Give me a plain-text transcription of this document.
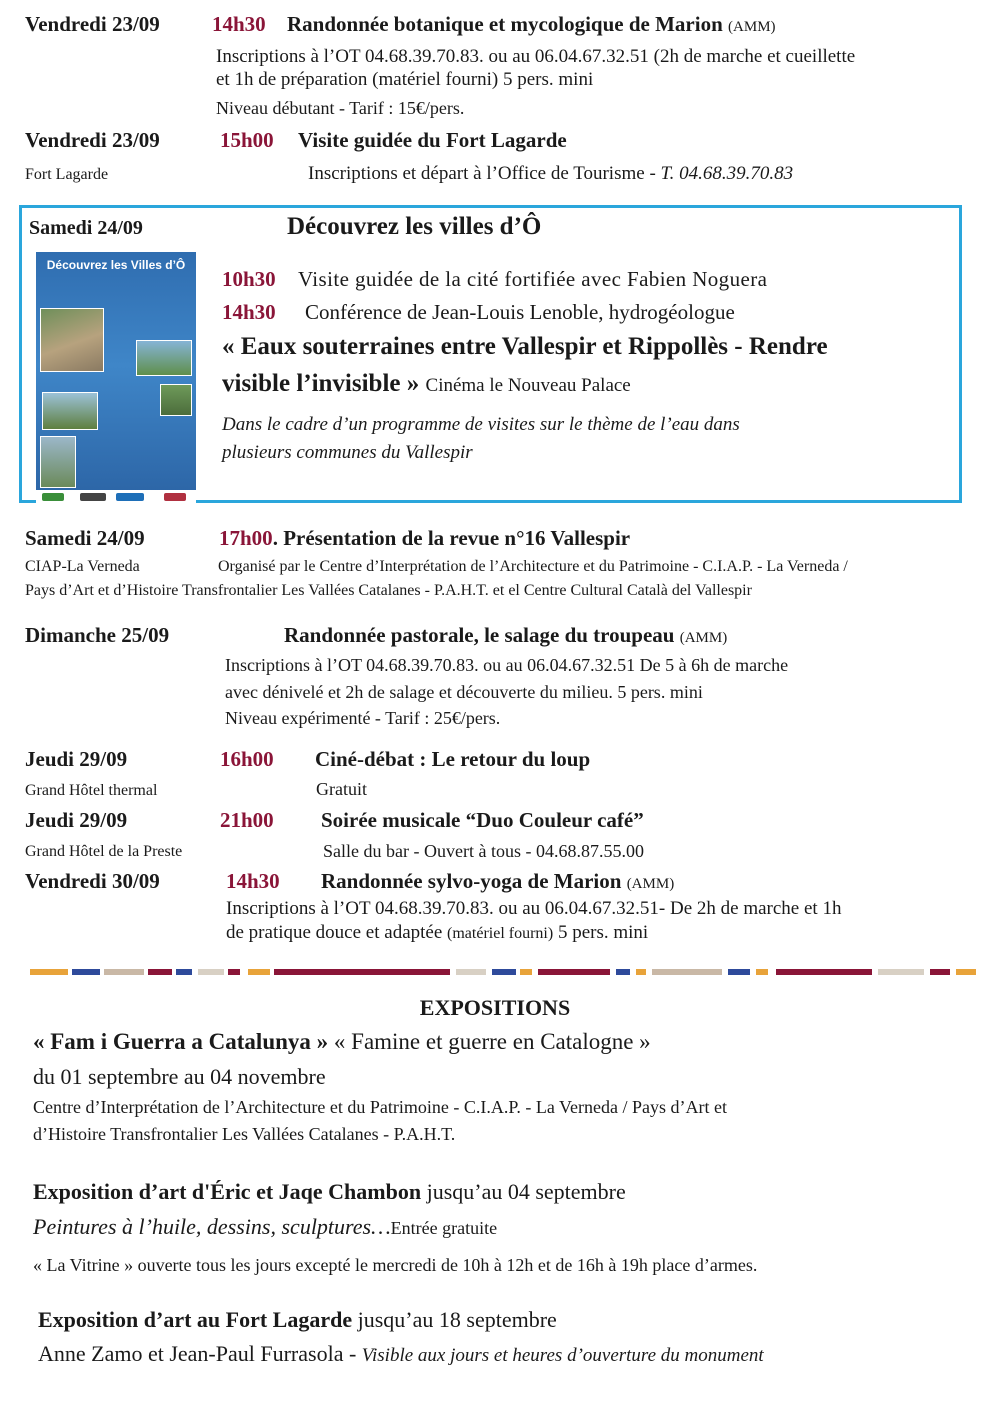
Vendredi 23/09 14h30 Randonnée botanique et mycologique de Marion (AMM)
Inscriptions à l’OT 04.68.39.70.83. ou au 06.04.67.32.51 (2h de marche et cueillette
et 1h de préparation (matériel fourni) 5 pers. mini
Niveau débutant - Tarif : 15€/pers.
Vendredi 23/09	15h00 Visite guidée du Fort Lagarde
Fort Lagarde	Inscriptions et départ à l’Office de Tourisme - T. 04.68.39.70.83
Samedi 24/09	Découvrez les villes d’Ô
Découvrez les Villes d’Ô
10h30 Visite guidée de la cité fortifiée avec Fabien Noguera
14h30 Conférence de Jean-Louis Lenoble, hydrogéologue
« Eaux souterraines entre Vallespir et Rippollès - Rendre
visible l’invisible » Cinéma le Nouveau Palace
Dans le cadre d’un programme de visites sur le thème de l’eau dans
plusieurs communes du Vallespir
Samedi 24/09	17h00. Présentation de la revue n°16 Vallespir
CIAP-La Verneda	Organisé par le Centre d’Interprétation de l’Architecture et du Patrimoine - C.I.A.P. - La Verneda /
Pays d’Art et d’Histoire Transfrontalier Les Vallées Catalanes - P.A.H.T. et el Centre Cultural Català del Vallespir
Dimanche 25/09	Randonnée pastorale, le salage du troupeau (AMM)
Inscriptions à l’OT 04.68.39.70.83. ou au 06.04.67.32.51 De 5 à 6h de marche
avec dénivelé et 2h de salage et découverte du milieu. 5 pers. mini
Niveau expérimenté - Tarif : 25€/pers.
Jeudi 29/09	16h00 Ciné-débat : Le retour du loup
Grand Hôtel thermal	Gratuit
Jeudi 29/09	21h00 Soirée musicale “Duo Couleur café”
Grand Hôtel de la Preste	Salle du bar - Ouvert à tous - 04.68.87.55.00
Vendredi 30/09	14h30 Randonnée sylvo-yoga de Marion (AMM)
Inscriptions à l’OT 04.68.39.70.83. ou au 06.04.67.32.51- De 2h de marche et 1h
de pratique douce et adaptée (matériel fourni) 5 pers. mini
EXPOSITIONS
« Fam i Guerra a Catalunya » « Famine et guerre en Catalogne »
du 01 septembre au 04 novembre
Centre d’Interprétation de l’Architecture et du Patrimoine - C.I.A.P. - La Verneda / Pays d’Art et
d’Histoire Transfrontalier Les Vallées Catalanes - P.A.H.T.
Exposition d’art d'Éric et Jaqe Chambon jusqu’au 04 septembre
Peintures à l’huile, dessins, sculptures…Entrée gratuite
« La Vitrine » ouverte tous les jours excepté le mercredi de 10h à 12h et de 16h à 19h place d’armes.
Exposition d’art au Fort Lagarde jusqu’au 18 septembre
Anne Zamo et Jean-Paul Furrasola - Visible aux jours et heures d’ouverture du monument
